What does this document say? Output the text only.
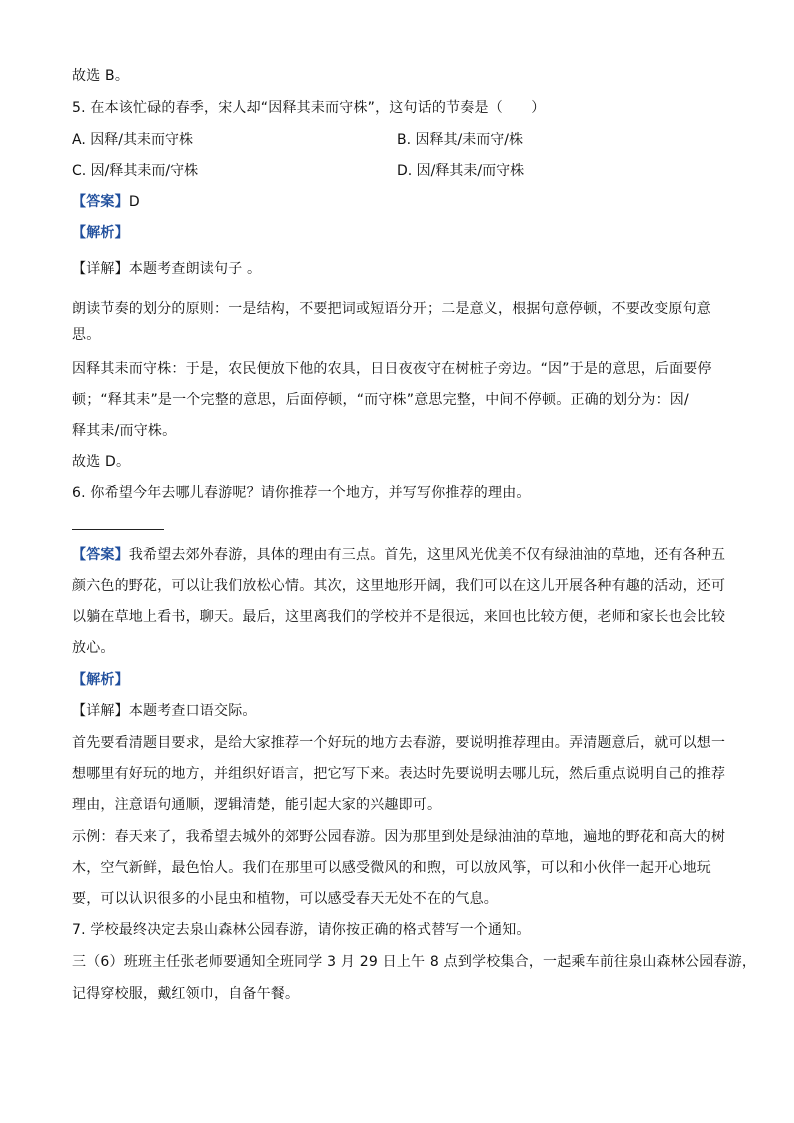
故选 B。
5. 在本该忙碌的春季，宋人却“因释其耒而守株”，这句话的节奏是（　　）
A. 因释/其耒而守株	B. 因释其/耒而守/株
C. 因/释其耒而/守株	D. 因/释其耒/而守株
【答案】D
【解析】
【详解】本题考查朗读句子 。
朗读节奏的划分的原则：一是结构，不要把词或短语分开；二是意义，根据句意停顿，不要改变原句意
思。
因释其耒而守株：于是，农民便放下他的农具，日日夜夜守在树桩子旁边。“因”于是的意思，后面要停
顿；“释其耒”是一个完整的意思，后面停顿，“而守株”意思完整，中间不停顿。正确的划分为：因/
释其耒/而守株。
故选 D。
6. 你希望今年去哪儿春游呢？请你推荐一个地方，并写写你推荐的理由。
【答案】我希望去郊外春游，具体的理由有三点。首先，这里风光优美不仅有绿油油的草地，还有各种五
颜六色的野花，可以让我们放松心情。其次，这里地形开阔，我们可以在这儿开展各种有趣的活动，还可
以躺在草地上看书，聊天。最后，这里离我们的学校并不是很远，来回也比较方便，老师和家长也会比较
放心。
【解析】
【详解】本题考查口语交际。
首先要看清题目要求，是给大家推荐一个好玩的地方去春游，要说明推荐理由。弄清题意后，就可以想一
想哪里有好玩的地方，并组织好语言，把它写下来。表达时先要说明去哪儿玩，然后重点说明自己的推荐
理由，注意语句通顺，逻辑清楚，能引起大家的兴趣即可。
示例：春天来了，我希望去城外的郊野公园春游。因为那里到处是绿油油的草地，遍地的野花和高大的树
木，空气新鲜，最色怡人。我们在那里可以感受微风的和煦，可以放风筝，可以和小伙伴一起开心地玩
要，可以认识很多的小昆虫和植物，可以感受春天无处不在的气息。
7. 学校最终决定去泉山森林公园春游，请你按正确的格式替写一个通知。
三（6）班班主任张老师要通知全班同学 3 月 29 日上午 8 点到学校集合，一起乘车前往泉山森林公园春游，
记得穿校服，戴红领巾，自备午餐。
